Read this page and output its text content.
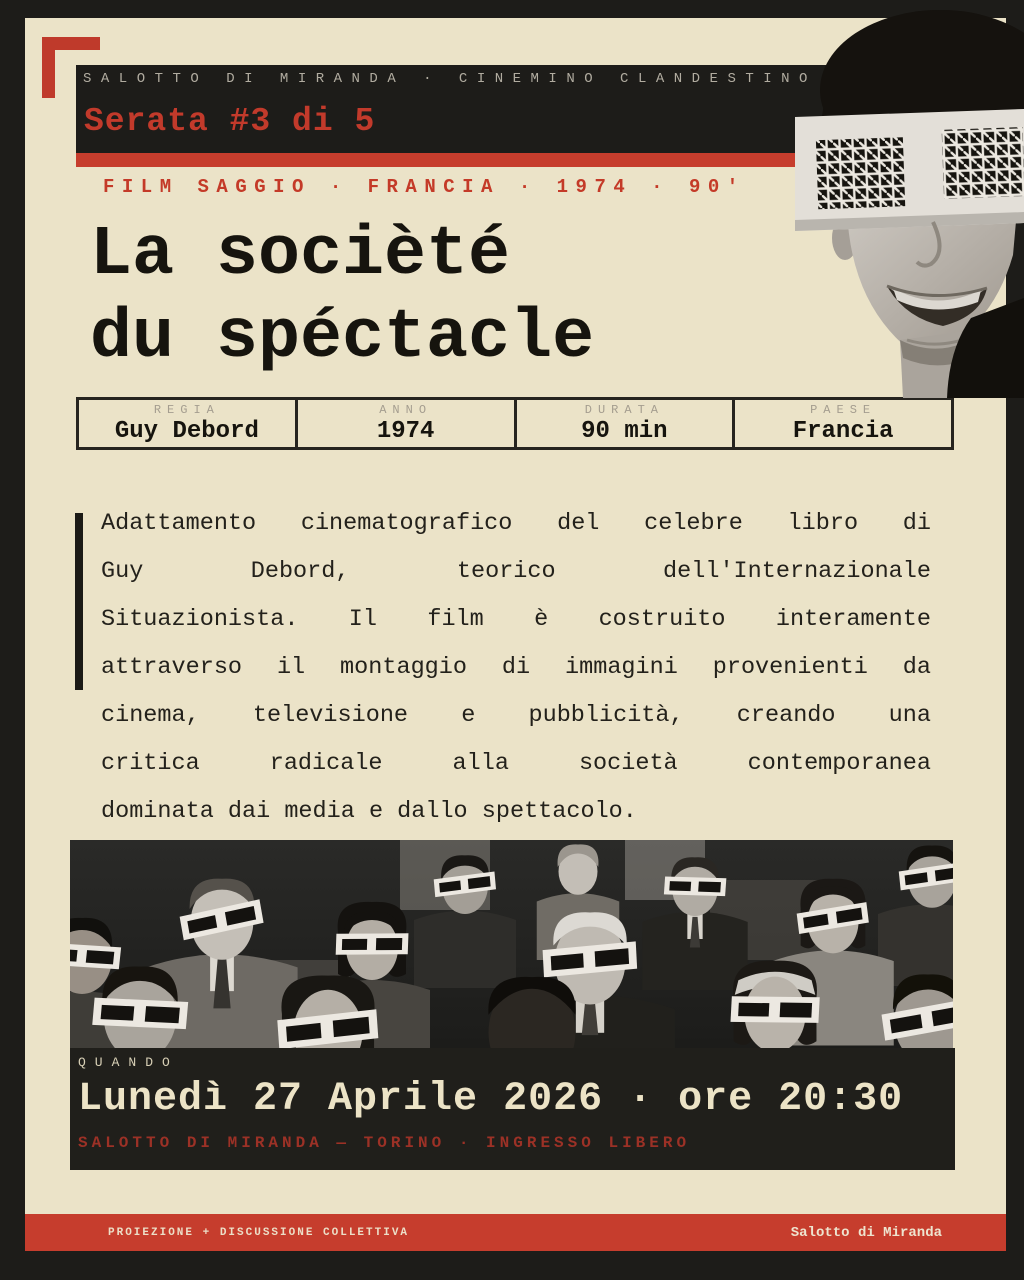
SALOTTO DI MIRANDA · CINEMINO CLANDESTINO
Serata #3 di 5
FILM SAGGIO · FRANCIA · 1974 · 90'
La socièté
du spéctacle
REGIA
Guy Debord
ANNO
1974
DURATA
90 min
PAESE
Francia
Adattamento cinematografico del celebre libro di
Guy Debord, teorico dell'Internazionale
Situazionista. Il film è costruito interamente
attraverso il montaggio di immagini provenienti da
cinema, televisione e pubblicità, creando una
critica radicale alla società contemporanea
dominata dai media e dallo spettacolo.
QUANDO
Lunedì 27 Aprile 2026 · ore 20:30
SALOTTO DI MIRANDA — TORINO · INGRESSO LIBERO
PROIEZIONE + DISCUSSIONE COLLETTIVA	Salotto di Miranda
